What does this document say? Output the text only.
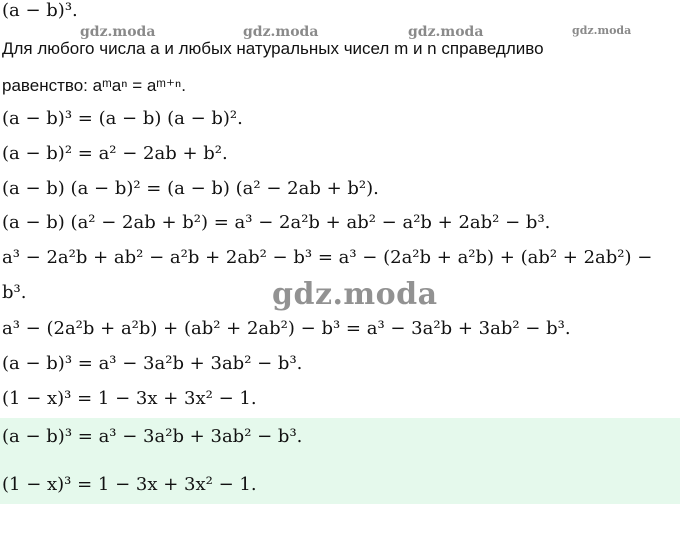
(a − b)³.
gdz.moda	gdz.moda	gdz.moda	gdz.moda
Для любого числа a и любых натуральных чисел m и n справедливо
равенство: aᵐaⁿ = aᵐ⁺ⁿ.
(a − b)³ = (a − b) (a − b)².
(a − b)² = a² − 2ab + b².
(a − b) (a − b)² = (a − b) (a² − 2ab + b²).
(a − b) (a² − 2ab + b²) = a³ − 2a²b + ab² − a²b + 2ab² − b³.
a³ − 2a²b + ab² − a²b + 2ab² − b³ = a³ − (2a²b + a²b) + (ab² + 2ab²) −
b³.	gdz.moda
a³ − (2a²b + a²b) + (ab² + 2ab²) − b³ = a³ − 3a²b + 3ab² − b³.
(a − b)³ = a³ − 3a²b + 3ab² − b³.
(1 − x)³ = 1 − 3x + 3x² − 1.
(a − b)³ = a³ − 3a²b + 3ab² − b³.
(1 − x)³ = 1 − 3x + 3x² − 1.
